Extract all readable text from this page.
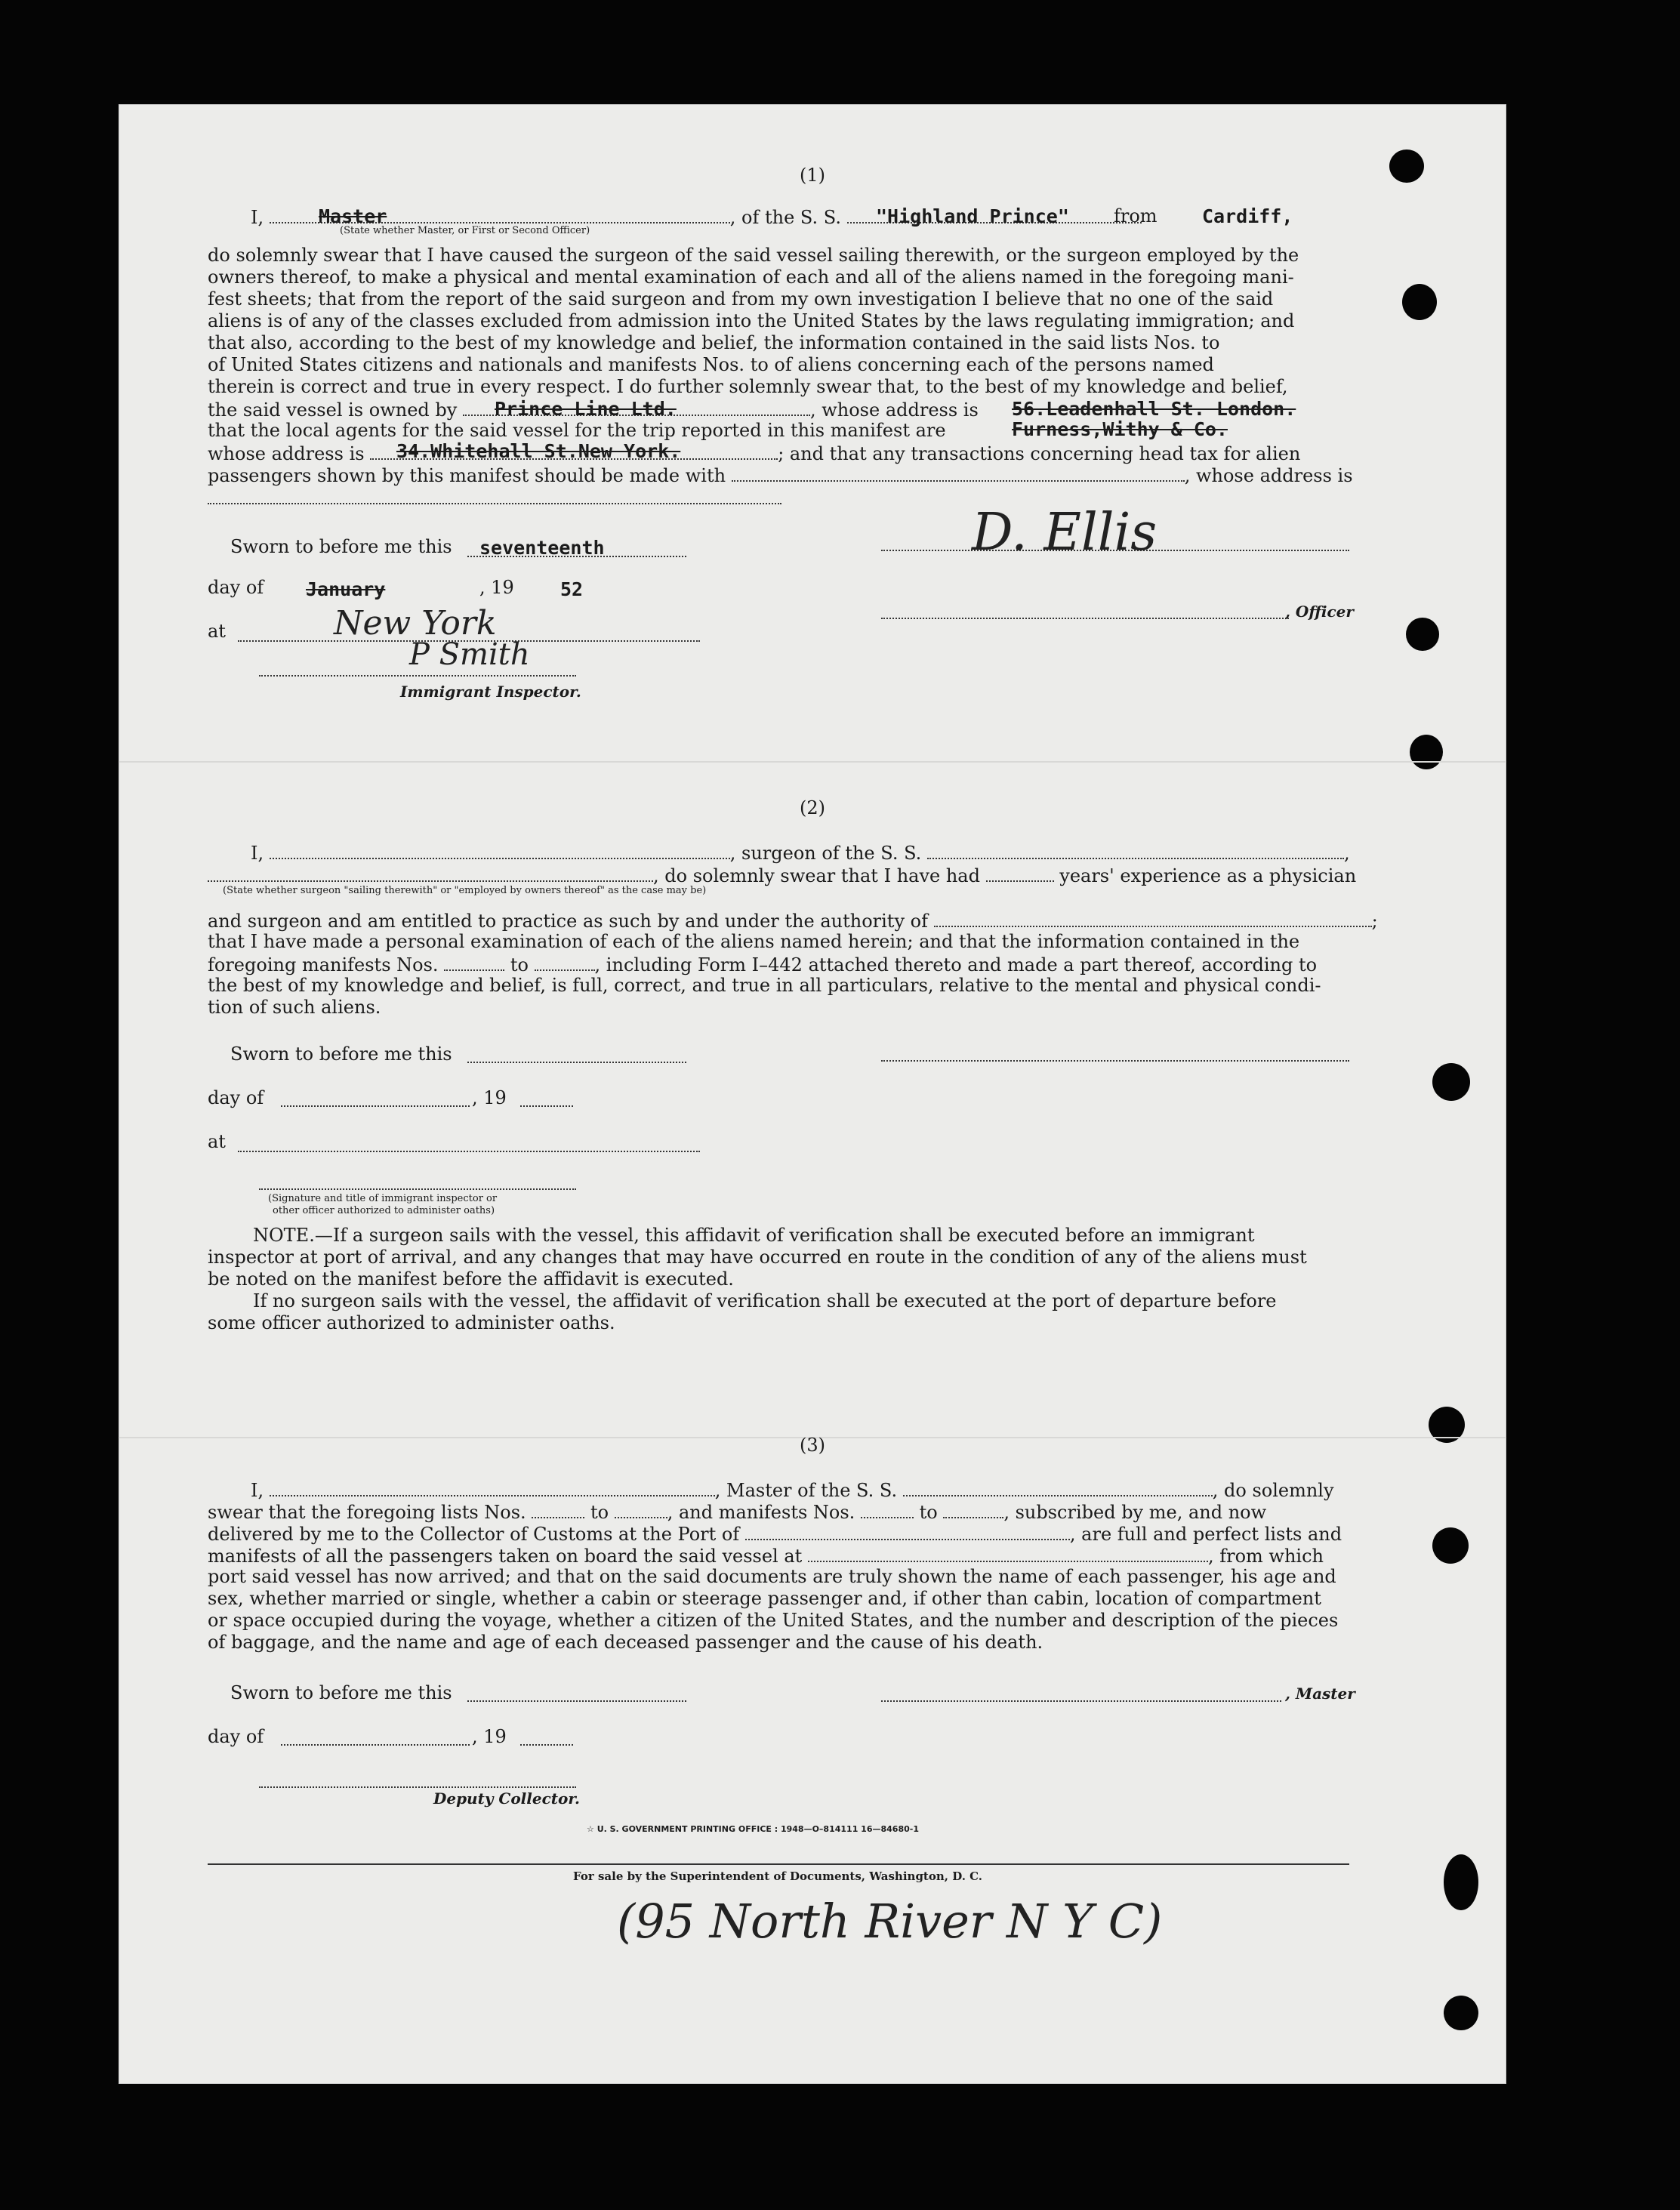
(1)
I,	, of the S. S.
Master
(State whether Master, or First or Second Officer)
"Highland Prince" from Cardiff,
do solemnly swear that I have caused the surgeon of the said vessel sailing therewith, or the surgeon employed by the
owners thereof, to make a physical and mental examination of each and all of the aliens named in the foregoing mani-
fest sheets; that from the report of the said surgeon and from my own investigation I believe that no one of the said
aliens is of any of the classes excluded from admission into the United States by the laws regulating immigration; and
that also, according to the best of my knowledge and belief, the information contained in the said lists Nos. to
of United States citizens and nationals and manifests Nos. to of aliens concerning each of the persons named
therein is correct and true in every respect. I do further solemnly swear that, to the best of my knowledge and belief,
the said vessel is owned by	, whose address is
Prince Line Ltd.	56.Leadenhall St. London.
that the local agents for the said vessel for the trip reported in this manifest are	Furness,Withy & Co.
whose address is	; and that any transactions concerning head tax for alien
34.Whitehall St.New York.
passengers shown by this manifest should be made with	, whose address is
Sworn to before me this seventeenth
day of January	, 19 52
at	New York
P Smith
Immigrant Inspector.
D. Ellis
, Officer
(2)
I,	, surgeon of the S. S.	,
, do solemnly swear that I have had	years' experience as a physician
(State whether surgeon "sailing therewith" or "employed by owners thereof" as the case may be)
and surgeon and am entitled to practice as such by and under the authority of	;
that I have made a personal examination of each of the aliens named herein; and that the information contained in the
foregoing manifests Nos.	to	, including Form I–442 attached thereto and made a part thereof, according to
the best of my knowledge and belief, is full, correct, and true in all particulars, relative to the mental and physical condi-
tion of such aliens.
Sworn to before me this
day of	, 19
at
(Signature and title of immigrant inspector or
other officer authorized to administer oaths)
NOTE.—If a surgeon sails with the vessel, this affidavit of verification shall be executed before an immigrant
inspector at port of arrival, and any changes that may have occurred en route in the condition of any of the aliens must
be noted on the manifest before the affidavit is executed.
If no surgeon sails with the vessel, the affidavit of verification shall be executed at the port of departure before
some officer authorized to administer oaths.
(3)
I,	, Master of the S. S.	, do solemnly
swear that the foregoing lists Nos.	to	, and manifests Nos.	to	, subscribed by me, and now
delivered by me to the Collector of Customs at the Port of	, are full and perfect lists and
manifests of all the passengers taken on board the said vessel at	, from which
port said vessel has now arrived; and that on the said documents are truly shown the name of each passenger, his age and
sex, whether married or single, whether a cabin or steerage passenger and, if other than cabin, location of compartment
or space occupied during the voyage, whether a citizen of the United States, and the number and description of the pieces
of baggage, and the name and age of each deceased passenger and the cause of his death.
Sworn to before me this	, Master
day of	, 19
Deputy Collector.
☆ U. S. GOVERNMENT PRINTING OFFICE : 1948—O–814111 16—84680-1
For sale by the Superintendent of Documents, Washington, D. C.
(95 North River N Y C)
